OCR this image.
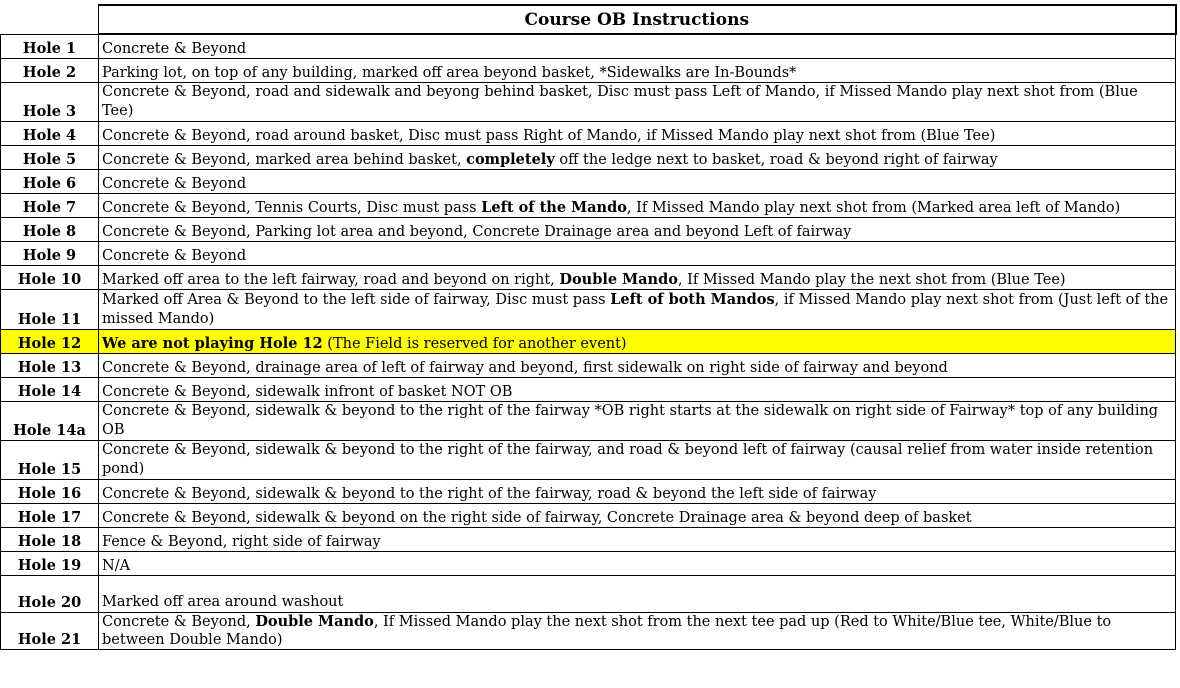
	Course OB Instructions
Hole 1	Concrete & Beyond
Hole 2	Parking lot, on top of any building, marked off area beyond basket, *Sidewalks are In-Bounds*
Hole 3	Concrete & Beyond, road and sidewalk and beyong behind basket, Disc must pass Left of Mando, if Missed Mando play next shot from (Blue Tee)
Hole 4	Concrete & Beyond, road around basket, Disc must pass Right of Mando, if Missed Mando play next shot from (Blue Tee)
Hole 5	Concrete & Beyond, marked area behind basket, completely off the ledge next to basket, road & beyond right of fairway
Hole 6	Concrete & Beyond
Hole 7	Concrete & Beyond, Tennis Courts, Disc must pass Left of the Mando, If Missed Mando play next shot from (Marked area left of Mando)
Hole 8	Concrete & Beyond, Parking lot area and beyond, Concrete Drainage area and beyond Left of fairway
Hole 9	Concrete & Beyond
Hole 10	Marked off area to the left fairway, road and beyond on right, Double Mando, If Missed Mando play the next shot from (Blue Tee)
Hole 11	Marked off Area & Beyond to the left side of fairway, Disc must pass Left of both Mandos, if Missed Mando play next shot from (Just left of the missed Mando)
Hole 12	We are not playing Hole 12 (The Field is reserved for another event)
Hole 13	Concrete & Beyond, drainage area of left of fairway and beyond, first sidewalk on right side of fairway and beyond
Hole 14	Concrete & Beyond, sidewalk infront of basket NOT OB
Hole 14a	Concrete & Beyond, sidewalk & beyond to the right of the fairway *OB right starts at the sidewalk on right side of Fairway* top of any building OB
Hole 15	Concrete & Beyond, sidewalk & beyond to the right of the fairway, and road & beyond left of fairway (causal relief from water inside retention pond)
Hole 16	Concrete & Beyond, sidewalk & beyond to the right of the fairway, road & beyond the left side of fairway
Hole 17	Concrete & Beyond, sidewalk & beyond on the right side of fairway, Concrete Drainage area & beyond deep of basket
Hole 18	Fence & Beyond, right side of fairway
Hole 19	N/A
Hole 20	Marked off area around washout
Hole 21	Concrete & Beyond, Double Mando, If Missed Mando play the next shot from the next tee pad up (Red to White/Blue tee, White/Blue to between Double Mando)
